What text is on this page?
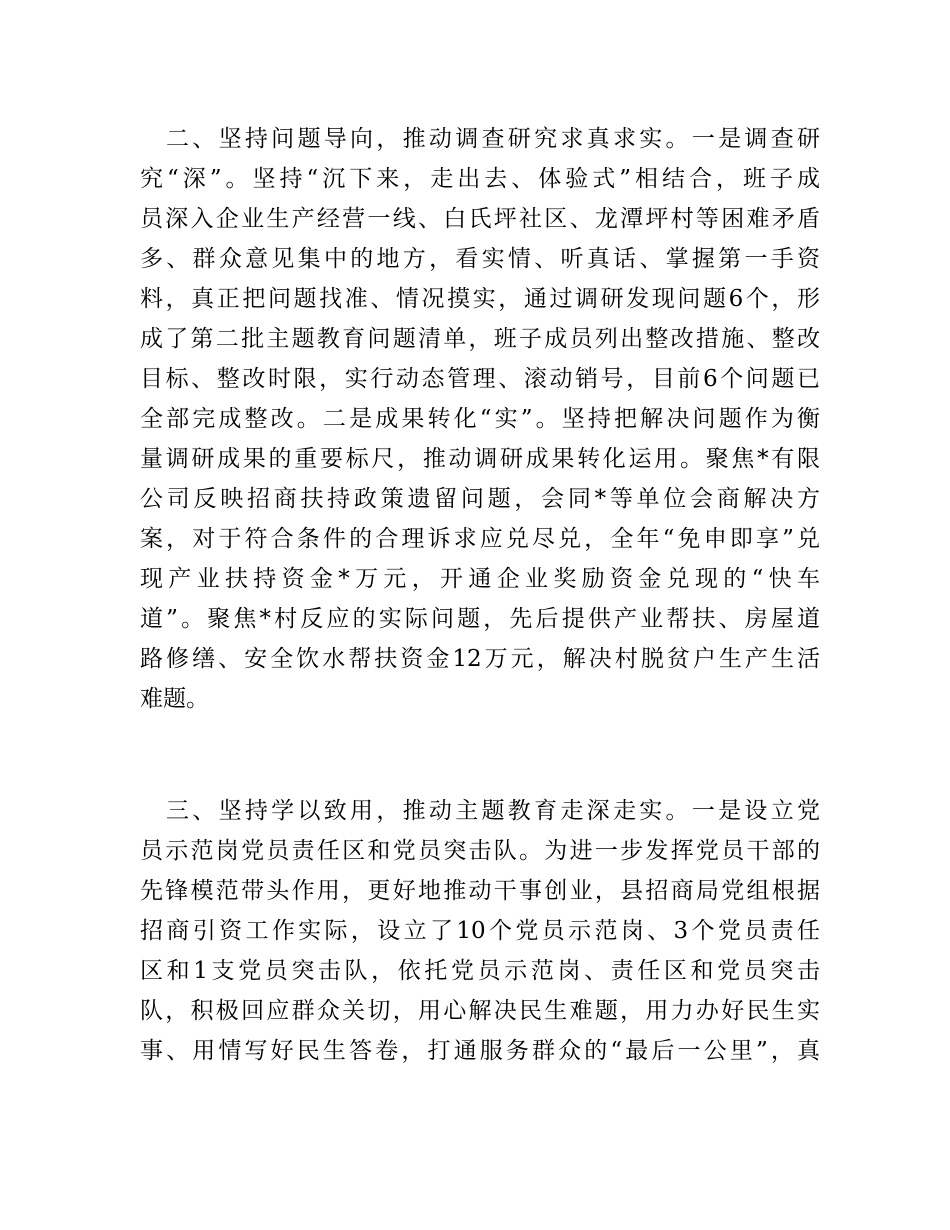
二、坚持问题导向，推动调查研究求真求实。一是调查研
究“深”。坚持“沉下来，走出去、体验式”相结合，班子成
员深入企业生产经营一线、白氏坪社区、龙潭坪村等困难矛盾
多、群众意见集中的地方，看实情、听真话、掌握第一手资
料，真正把问题找准、情况摸实，通过调研发现问题6个，形
成了第二批主题教育问题清单，班子成员列出整改措施、整改
目标、整改时限，实行动态管理、滚动销号，目前6个问题已
全部完成整改。二是成果转化“实”。坚持把解决问题作为衡
量调研成果的重要标尺，推动调研成果转化运用。聚焦*有限
公司反映招商扶持政策遗留问题，会同*等单位会商解决方
案，对于符合条件的合理诉求应兑尽兑，全年“免申即享”兑
现产业扶持资金*万元，开通企业奖励资金兑现的“快车
道”。聚焦*村反应的实际问题，先后提供产业帮扶、房屋道
路修缮、安全饮水帮扶资金12万元，解决村脱贫户生产生活
难题。
三、坚持学以致用，推动主题教育走深走实。一是设立党
员示范岗党员责任区和党员突击队。为进一步发挥党员干部的
先锋模范带头作用，更好地推动干事创业，县招商局党组根据
招商引资工作实际，设立了10个党员示范岗、3个党员责任
区和1支党员突击队，依托党员示范岗、责任区和党员突击
队，积极回应群众关切，用心解决民生难题，用力办好民生实
事、用情写好民生答卷，打通服务群众的“最后一公里”，真
